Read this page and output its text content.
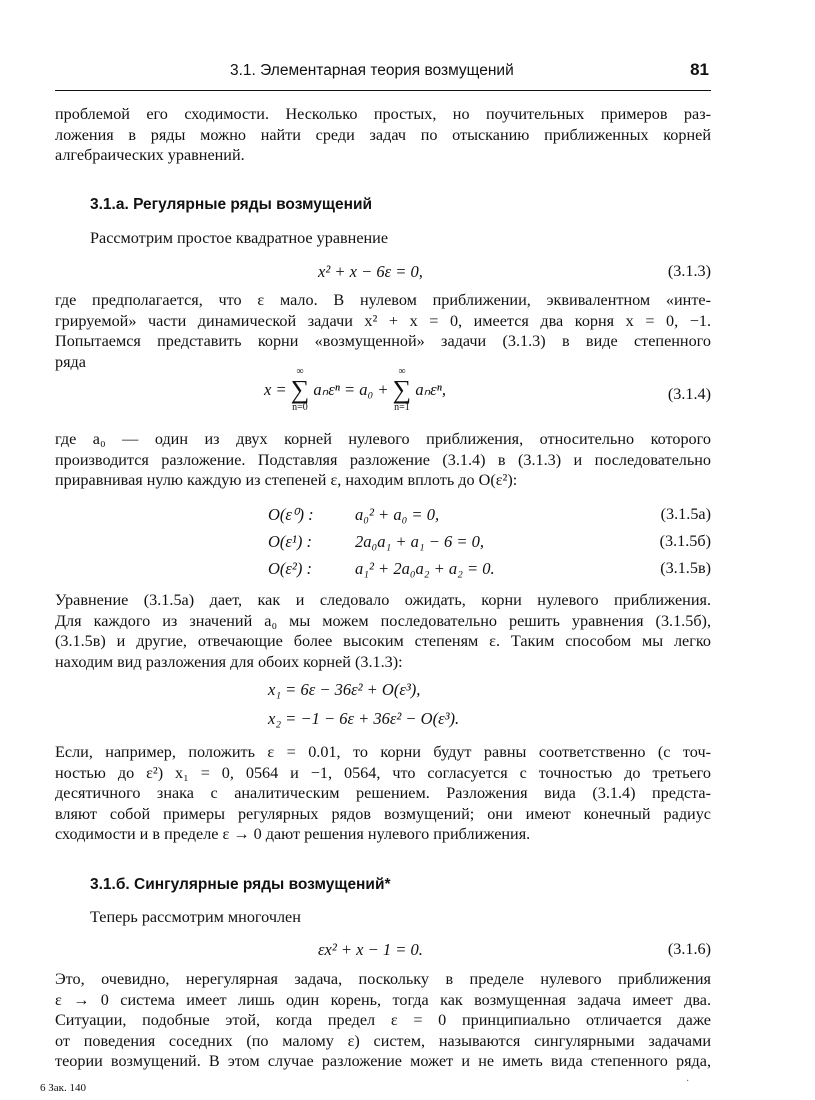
3.1. Элементарная теория возмущений	81
проблемой его сходимости. Несколько простых, но поучительных примеров раз-
ложения в ряды можно найти среди задач по отысканию приближенных корней
алгебраических уравнений.
3.1.а. Регулярные ряды возмущений
Рассмотрим простое квадратное уравнение
x² + x − 6ε = 0,	(3.1.3)
где предполагается, что ε мало. В нулевом приближении, эквивалентном «инте-
грируемой» части динамической задачи x² + x = 0, имеется два корня x = 0, −1.
Попытаемся представить корни «возмущенной» задачи (3.1.3) в виде степенного
ряда
x =
∞
∑
n=0
aₙεⁿ = a₀ +
∞
∑
n=1
aₙεⁿ,	(3.1.4)
где a₀ — один из двух корней нулевого приближения, относительно которого
производится разложение. Подставляя разложение (3.1.4) в (3.1.3) и последовательно
приравнивая нулю каждую из степеней ε, находим вплоть до O(ε²):
O(ε⁰) :	a₀² + a₀ = 0,	(3.1.5а)
O(ε¹) :	2a₀a₁ + a₁ − 6 = 0,	(3.1.5б)
O(ε²) :	a₁² + 2a₀a₂ + a₂ = 0.	(3.1.5в)
Уравнение (3.1.5а) дает, как и следовало ожидать, корни нулевого приближения.
Для каждого из значений a₀ мы можем последовательно решить уравнения (3.1.5б),
(3.1.5в) и другие, отвечающие более высоким степеням ε. Таким способом мы легко
находим вид разложения для обоих корней (3.1.3):
x₁ = 6ε − 36ε² + O(ε³),
x₂ = −1 − 6ε + 36ε² − O(ε³).
Если, например, положить ε = 0.01, то корни будут равны соответственно (с точ-
ностью до ε²) x₁ = 0, 0564 и −1, 0564, что согласуется с точностью до третьего
десятичного знака с аналитическим решением. Разложения вида (3.1.4) предста-
вляют собой примеры регулярных рядов возмущений; они имеют конечный радиус
сходимости и в пределе ε → 0 дают решения нулевого приближения.
3.1.б. Сингулярные ряды возмущений*
Теперь рассмотрим многочлен
εx² + x − 1 = 0.	(3.1.6)
Это, очевидно, нерегулярная задача, поскольку в пределе нулевого приближения
ε → 0 система имеет лишь один корень, тогда как возмущенная задача имеет два.
Ситуации, подобные этой, когда предел ε = 0 принципиально отличается даже
от поведения соседних (по малому ε) систем, называются сингулярными задачами
теории возмущений. В этом случае разложение может и не иметь вида степенного ряда,
6 Зак. 140
·
